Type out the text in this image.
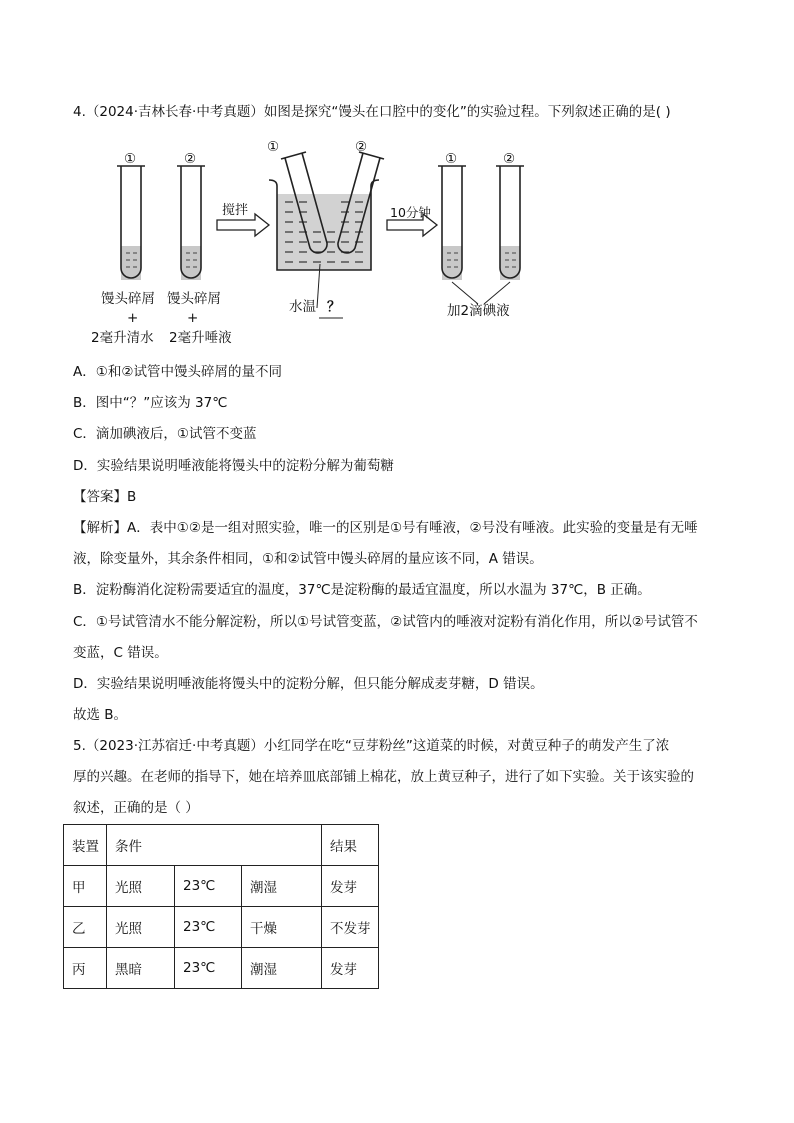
4.（2024·吉林长春·中考真题）如图是探究“馒头在口腔中的变化”的实验过程。下列叙述正确的是( )
①	②
搅拌
①	②
10分钟
①	②
馒头碎屑 馒头碎屑
+	+
2毫升清水 2毫升唾液
水温 ？	加2滴碘液
A．①和②试管中馒头碎屑的量不同
B．图中“？”应该为 37℃
C．滴加碘液后，①试管不变蓝
D．实验结果说明唾液能将馒头中的淀粉分解为葡萄糖
【答案】B
【解析】A．表中①②是一组对照实验，唯一的区别是①号有唾液，②号没有唾液。此实验的变量是有无唾
液，除变量外，其余条件相同，①和②试管中馒头碎屑的量应该不同，A 错误。
B．淀粉酶消化淀粉需要适宜的温度，37℃是淀粉酶的最适宜温度，所以水温为 37℃，B 正确。
C．①号试管清水不能分解淀粉，所以①号试管变蓝，②试管内的唾液对淀粉有消化作用，所以②号试管不
变蓝，C 错误。
D．实验结果说明唾液能将馒头中的淀粉分解，但只能分解成麦芽糖，D 错误。
故选 B。
5.（2023·江苏宿迁·中考真题）小红同学在吃“豆芽粉丝”这道菜的时候，对黄豆种子的萌发产生了浓
厚的兴趣。在老师的指导下，她在培养皿底部铺上棉花，放上黄豆种子，进行了如下实验。关于该实验的
叙述，正确的是（ ）
装置	条件			结果
甲	光照	23℃	潮湿	发芽
乙	光照	23℃	干燥	不发芽
丙	黑暗	23℃	潮湿	发芽
